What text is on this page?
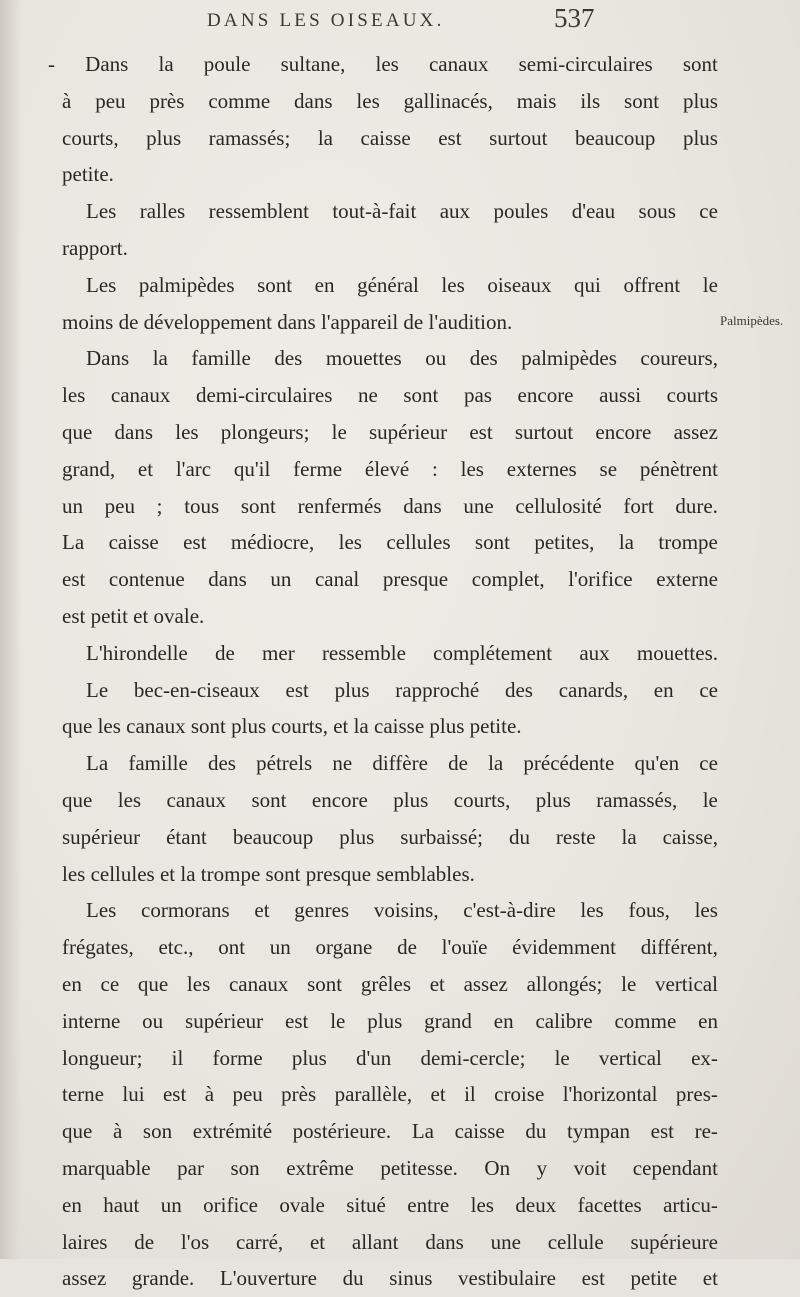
DANS LES OISEAUX.	537
Palmipèdes.
- Dans la poule sultane, les canaux semi-circulaires sont
à peu près comme dans les gallinacés, mais ils sont plus
courts, plus ramassés; la caisse est surtout beaucoup plus
petite.
Les ralles ressemblent tout-à-fait aux poules d'eau sous ce
rapport.
Les palmipèdes sont en général les oiseaux qui offrent le
moins de développement dans l'appareil de l'audition.
Dans la famille des mouettes ou des palmipèdes coureurs,
les canaux demi-circulaires ne sont pas encore aussi courts
que dans les plongeurs; le supérieur est surtout encore assez
grand, et l'arc qu'il ferme élevé : les externes se pénètrent
un peu ; tous sont renfermés dans une cellulosité fort dure.
La caisse est médiocre, les cellules sont petites, la trompe
est contenue dans un canal presque complet, l'orifice externe
est petit et ovale.
L'hirondelle de mer ressemble complétement aux mouettes.
Le bec-en-ciseaux est plus rapproché des canards, en ce
que les canaux sont plus courts, et la caisse plus petite.
La famille des pétrels ne diffère de la précédente qu'en ce
que les canaux sont encore plus courts, plus ramassés, le
supérieur étant beaucoup plus surbaissé; du reste la caisse,
les cellules et la trompe sont presque semblables.
Les cormorans et genres voisins, c'est-à-dire les fous, les
frégates, etc., ont un organe de l'ouïe évidemment différent,
en ce que les canaux sont grêles et assez allongés; le vertical
interne ou supérieur est le plus grand en calibre comme en
longueur; il forme plus d'un demi-cercle; le vertical ex-
terne lui est à peu près parallèle, et il croise l'horizontal pres-
que à son extrémité postérieure. La caisse du tympan est re-
marquable par son extrême petitesse. On y voit cependant
en haut un orifice ovale situé entre les deux facettes articu-
laires de l'os carré, et allant dans une cellule supérieure
assez grande. L'ouverture du sinus vestibulaire est petite et
